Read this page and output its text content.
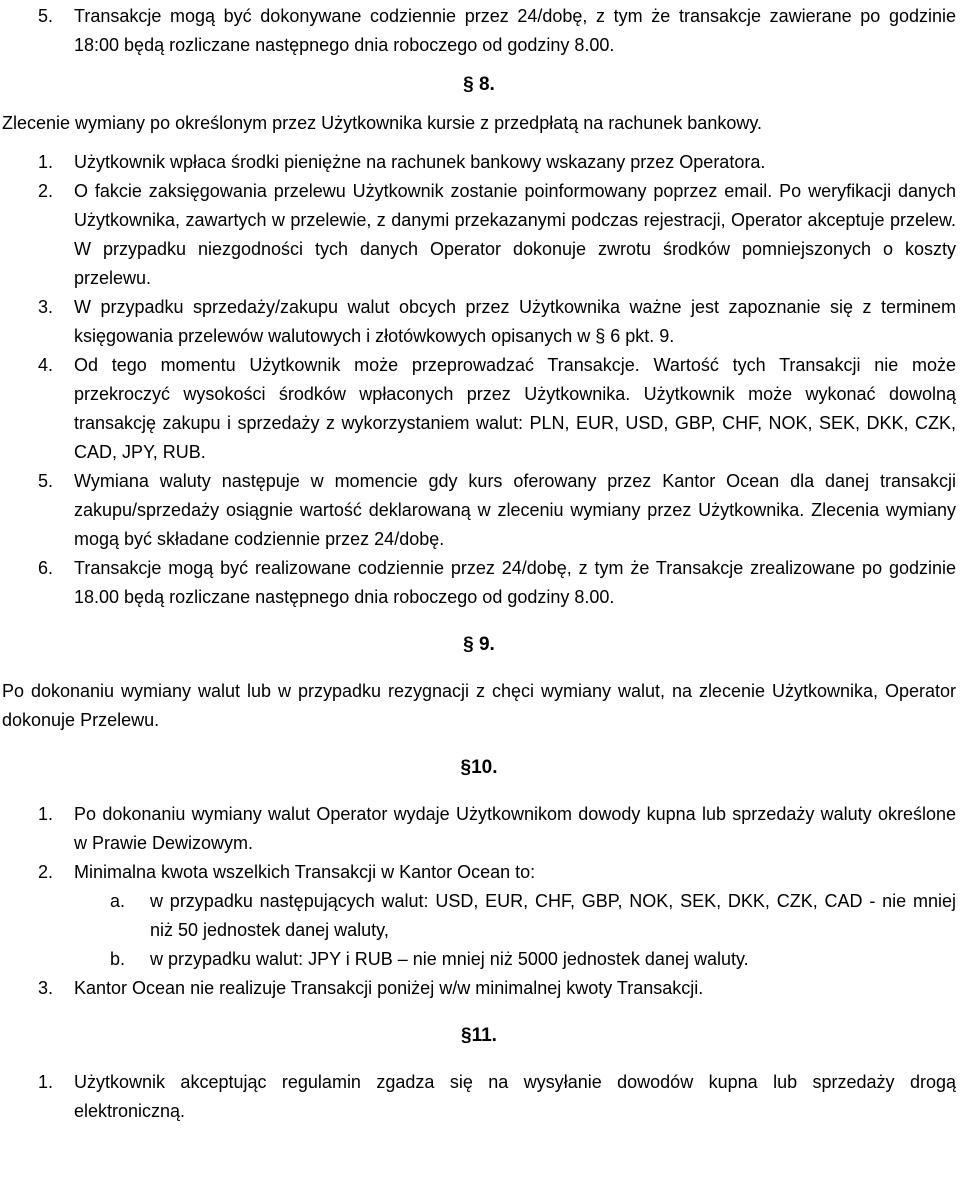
5.	Transakcje mogą być dokonywane codziennie przez 24/dobę, z tym że transakcje zawierane po godzinie 18:00 będą rozliczane następnego dnia roboczego od godziny 8.00.
§ 8.
Zlecenie wymiany po określonym przez Użytkownika kursie z przedpłatą na rachunek bankowy.
1.	Użytkownik wpłaca środki pieniężne na rachunek bankowy wskazany przez Operatora.
2.	O fakcie zaksięgowania przelewu Użytkownik zostanie poinformowany poprzez email. Po weryfikacji danych Użytkownika, zawartych w przelewie, z danymi przekazanymi podczas rejestracji, Operator akceptuje przelew. W przypadku niezgodności tych danych Operator dokonuje zwrotu środków pomniejszonych o koszty przelewu.
3.	W przypadku sprzedaży/zakupu walut obcych przez Użytkownika ważne jest zapoznanie się z terminem księgowania przelewów walutowych i złotówkowych opisanych w § 6 pkt. 9.
4.	Od tego momentu Użytkownik może przeprowadzać Transakcje. Wartość tych Transakcji nie może przekroczyć wysokości środków wpłaconych przez Użytkownika. Użytkownik może wykonać dowolną transakcję zakupu i sprzedaży z wykorzystaniem walut: PLN, EUR, USD, GBP, CHF, NOK, SEK, DKK, CZK, CAD, JPY, RUB.
5.	Wymiana waluty następuje w momencie gdy kurs oferowany przez Kantor Ocean dla danej transakcji zakupu/sprzedaży osiągnie wartość deklarowaną w zleceniu wymiany przez Użytkownika. Zlecenia wymiany mogą być składane codziennie przez 24/dobę.
6.	Transakcje mogą być realizowane codziennie przez 24/dobę, z tym że Transakcje zrealizowane po godzinie 18.00 będą rozliczane następnego dnia roboczego od godziny 8.00.
§ 9.
Po dokonaniu wymiany walut lub w przypadku rezygnacji z chęci wymiany walut, na zlecenie Użytkownika, Operator dokonuje Przelewu.
§10.
1.	Po dokonaniu wymiany walut Operator wydaje Użytkownikom dowody kupna lub sprzedaży waluty określone w Prawie Dewizowym.
2.	Minimalna kwota wszelkich Transakcji w Kantor Ocean to:
a.	w przypadku następujących walut: USD, EUR, CHF, GBP, NOK, SEK, DKK, CZK, CAD - nie mniej niż 50 jednostek danej waluty,
b.	w przypadku walut: JPY i RUB – nie mniej niż 5000 jednostek danej waluty.
3.	Kantor Ocean nie realizuje Transakcji poniżej w/w minimalnej kwoty Transakcji.
§11.
1.	Użytkownik akceptując regulamin zgadza się na wysyłanie dowodów kupna lub sprzedaży drogą elektroniczną.
